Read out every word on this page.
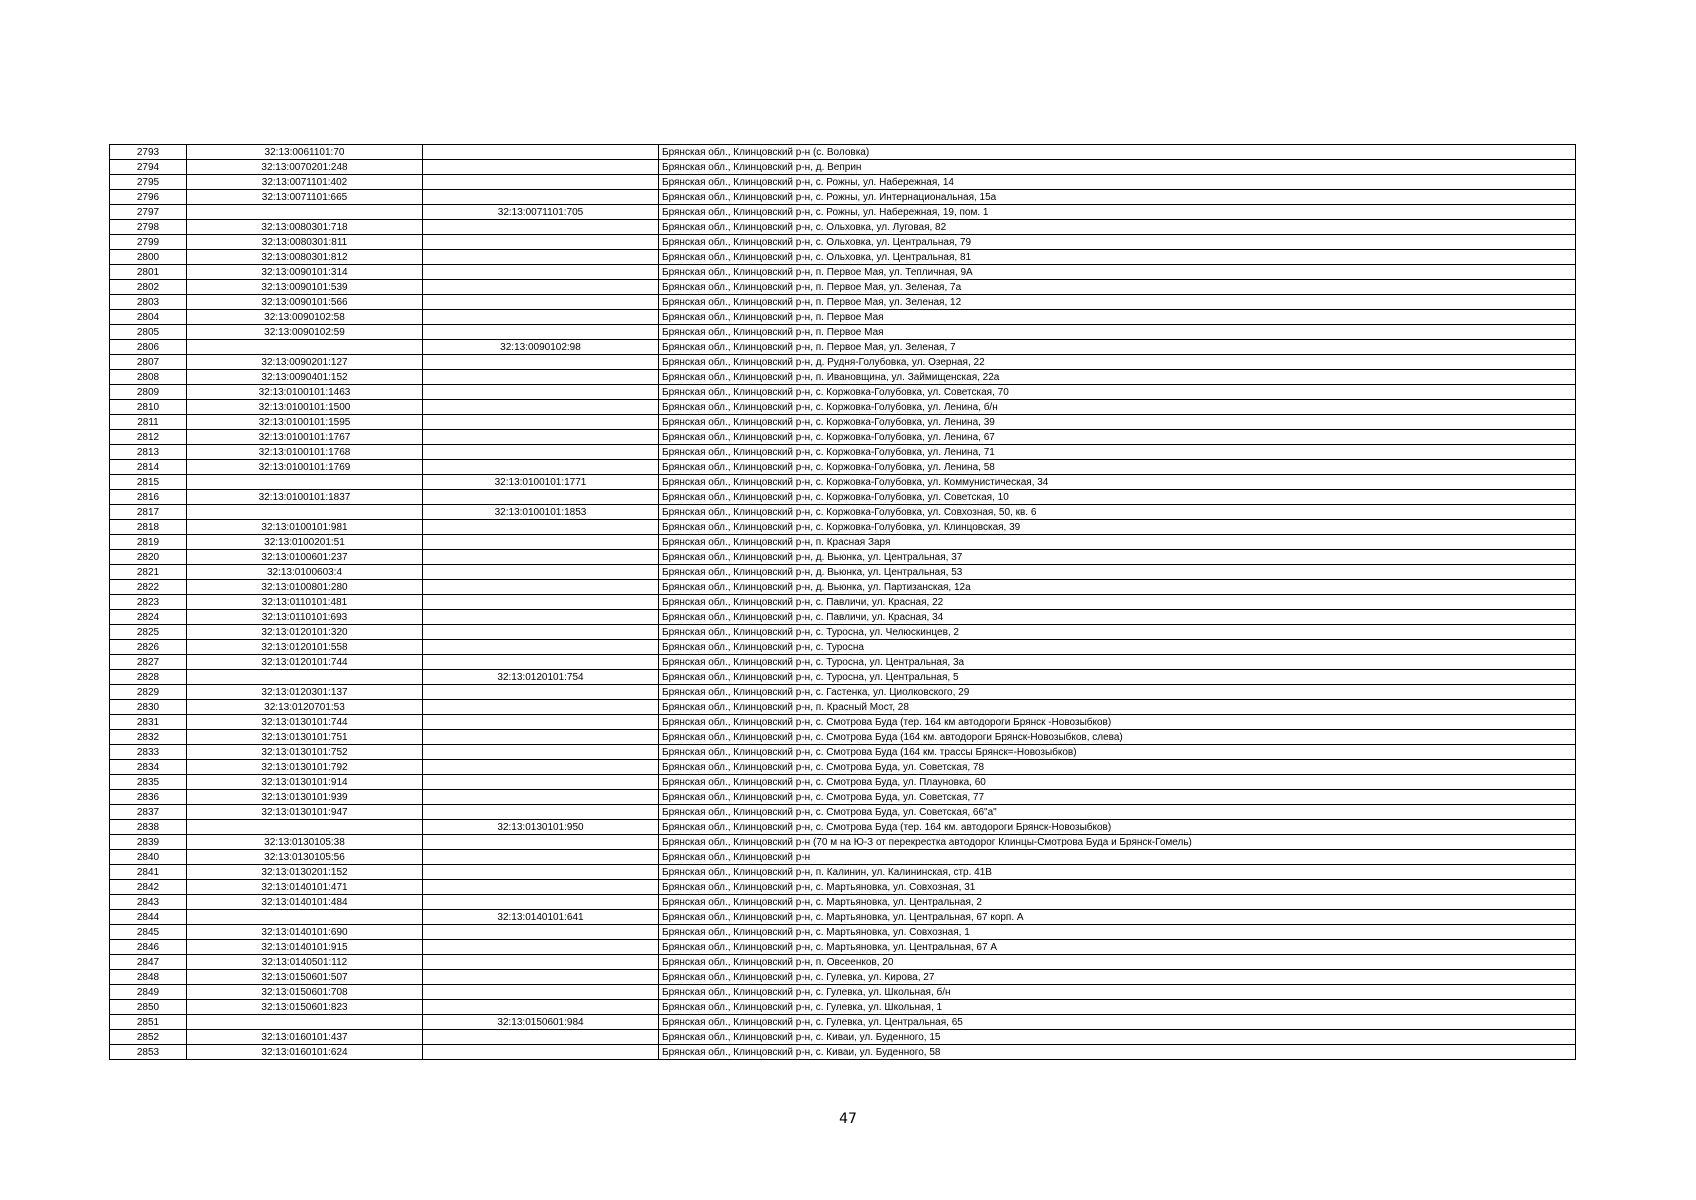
2793	32:13:0061101:70		Брянская обл., Клинцовский р-н (с. Воловка)
2794	32:13:0070201:248		Брянская обл., Клинцовский р-н, д. Веприн
2795	32:13:0071101:402		Брянская обл., Клинцовский р-н, с. Рожны, ул. Набережная, 14
2796	32:13:0071101:665		Брянская обл., Клинцовский р-н, с. Рожны, ул. Интернациональная, 15а
2797		32:13:0071101:705	Брянская обл., Клинцовский р-н, с. Рожны, ул. Набережная, 19, пом. 1
2798	32:13:0080301:718		Брянская обл., Клинцовский р-н, с. Ольховка, ул. Луговая, 82
2799	32:13:0080301:811		Брянская обл., Клинцовский р-н, с. Ольховка, ул. Центральная, 79
2800	32:13:0080301:812		Брянская обл., Клинцовский р-н, с. Ольховка, ул. Центральная, 81
2801	32:13:0090101:314		Брянская обл., Клинцовский р-н, п. Первое Мая, ул. Тепличная, 9А
2802	32:13:0090101:539		Брянская обл., Клинцовский р-н, п. Первое Мая, ул. Зеленая, 7а
2803	32:13:0090101:566		Брянская обл., Клинцовский р-н, п. Первое Мая, ул. Зеленая, 12
2804	32:13:0090102:58		Брянская обл., Клинцовский р-н, п. Первое Мая
2805	32:13:0090102:59		Брянская обл., Клинцовский р-н, п. Первое Мая
2806		32:13:0090102:98	Брянская обл., Клинцовский р-н, п. Первое Мая, ул. Зеленая, 7
2807	32:13:0090201:127		Брянская обл., Клинцовский р-н, д. Рудня-Голубовка, ул. Озерная, 22
2808	32:13:0090401:152		Брянская обл., Клинцовский р-н, п. Ивановщина, ул. Займищенская, 22а
2809	32:13:0100101:1463		Брянская обл., Клинцовский р-н, с. Коржовка-Голубовка, ул. Советская, 70
2810	32:13:0100101:1500		Брянская обл., Клинцовский р-н, с. Коржовка-Голубовка, ул. Ленина, б/н
2811	32:13:0100101:1595		Брянская обл., Клинцовский р-н, с. Коржовка-Голубовка, ул. Ленина, 39
2812	32:13:0100101:1767		Брянская обл., Клинцовский р-н, с. Коржовка-Голубовка, ул. Ленина, 67
2813	32:13:0100101:1768		Брянская обл., Клинцовский р-н, с. Коржовка-Голубовка, ул. Ленина, 71
2814	32:13:0100101:1769		Брянская обл., Клинцовский р-н, с. Коржовка-Голубовка, ул. Ленина, 58
2815		32:13:0100101:1771	Брянская обл., Клинцовский р-н, с. Коржовка-Голубовка, ул. Коммунистическая, 34
2816	32:13:0100101:1837		Брянская обл., Клинцовский р-н, с. Коржовка-Голубовка, ул. Советская, 10
2817		32:13:0100101:1853	Брянская обл., Клинцовский р-н, с. Коржовка-Голубовка, ул. Совхозная, 50, кв. 6
2818	32:13:0100101:981		Брянская обл., Клинцовский р-н, с. Коржовка-Голубовка, ул. Клинцовская, 39
2819	32:13:0100201:51		Брянская обл., Клинцовский р-н, п. Красная Заря
2820	32:13:0100601:237		Брянская обл., Клинцовский р-н, д. Вьюнка, ул. Центральная, 37
2821	32:13:0100603:4		Брянская обл., Клинцовский р-н, д. Вьюнка, ул. Центральная, 53
2822	32:13:0100801:280		Брянская обл., Клинцовский р-н, д. Вьюнка, ул. Партизанская, 12а
2823	32:13:0110101:481		Брянская обл., Клинцовский р-н, с. Павличи, ул. Красная, 22
2824	32:13:0110101:693		Брянская обл., Клинцовский р-н, с. Павличи, ул. Красная, 34
2825	32:13:0120101:320		Брянская обл., Клинцовский р-н, с. Туросна, ул. Челюскинцев, 2
2826	32:13:0120101:558		Брянская обл., Клинцовский р-н, с. Туросна
2827	32:13:0120101:744		Брянская обл., Клинцовский р-н, с. Туросна, ул. Центральная, 3а
2828		32:13:0120101:754	Брянская обл., Клинцовский р-н, с. Туросна, ул. Центральная, 5
2829	32:13:0120301:137		Брянская обл., Клинцовский р-н, с. Гастенка, ул. Циолковского, 29
2830	32:13:0120701:53		Брянская обл., Клинцовский р-н, п. Красный Мост, 28
2831	32:13:0130101:744		Брянская обл., Клинцовский р-н, с. Смотрова Буда (тер. 164 км автодороги Брянск -Новозыбков)
2832	32:13:0130101:751		Брянская обл., Клинцовский р-н, с. Смотрова Буда (164 км. автодороги Брянск-Новозыбков, слева)
2833	32:13:0130101:752		Брянская обл., Клинцовский р-н, с. Смотрова Буда (164 км. трассы Брянск=-Новозыбков)
2834	32:13:0130101:792		Брянская обл., Клинцовский р-н, с. Смотрова Буда, ул. Советская, 78
2835	32:13:0130101:914		Брянская обл., Клинцовский р-н, с. Смотрова Буда, ул. Плауновка, 60
2836	32:13:0130101:939		Брянская обл., Клинцовский р-н, с. Смотрова Буда, ул. Советская, 77
2837	32:13:0130101:947		Брянская обл., Клинцовский р-н, с. Смотрова Буда, ул. Советская, 66"а"
2838		32:13:0130101:950	Брянская обл., Клинцовский р-н, с. Смотрова Буда (тер. 164 км. автодороги Брянск-Новозыбков)
2839	32:13:0130105:38		Брянская обл., Клинцовский р-н (70 м на Ю-З от перекрестка автодорог Клинцы-Смотрова Буда и Брянск-Гомель)
2840	32:13:0130105:56		Брянская обл., Клинцовский р-н
2841	32:13:0130201:152		Брянская обл., Клинцовский р-н, п. Калинин, ул. Калининская, стр. 41В
2842	32:13:0140101:471		Брянская обл., Клинцовский р-н, с. Мартьяновка, ул. Совхозная, 31
2843	32:13:0140101:484		Брянская обл., Клинцовский р-н, с. Мартьяновка, ул. Центральная, 2
2844		32:13:0140101:641	Брянская обл., Клинцовский р-н, с. Мартьяновка, ул. Центральная, 67 корп. А
2845	32:13:0140101:690		Брянская обл., Клинцовский р-н, с. Мартьяновка, ул. Совхозная, 1
2846	32:13:0140101:915		Брянская обл., Клинцовский р-н, с. Мартьяновка, ул. Центральная, 67 А
2847	32:13:0140501:112		Брянская обл., Клинцовский р-н, п. Овсеенков, 20
2848	32:13:0150601:507		Брянская обл., Клинцовский р-н, с. Гулевка, ул. Кирова, 27
2849	32:13:0150601:708		Брянская обл., Клинцовский р-н, с. Гулевка, ул. Школьная, б/н
2850	32:13:0150601:823		Брянская обл., Клинцовский р-н, с. Гулевка, ул. Школьная, 1
2851		32:13:0150601:984	Брянская обл., Клинцовский р-н, с. Гулевка, ул. Центральная, 65
2852	32:13:0160101:437		Брянская обл., Клинцовский р-н, с. Киваи, ул. Буденного, 15
2853	32:13:0160101:624		Брянская обл., Клинцовский р-н, с. Киваи, ул. Буденного, 58
47
